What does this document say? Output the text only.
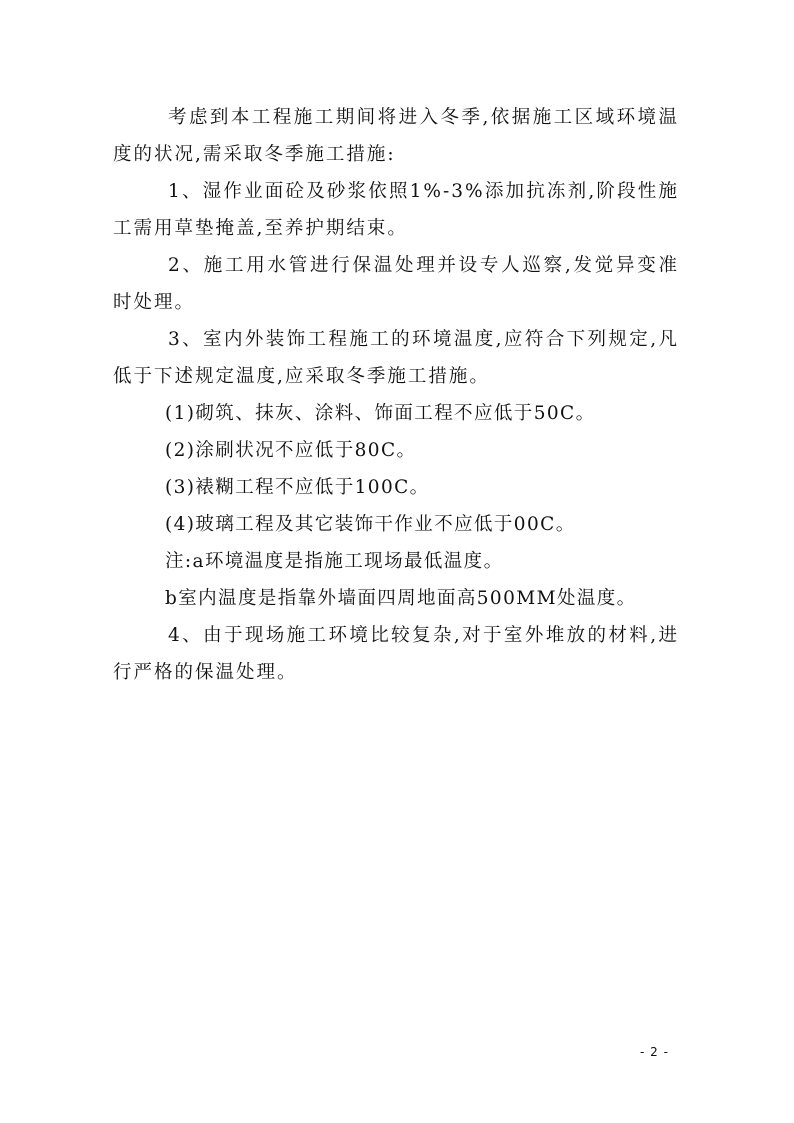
考虑到本工程施工期间将进入冬季,依据施工区域环境温度的状况,需采取冬季施工措施:

1、湿作业面砼及砂浆依照1%-3%添加抗冻剂,阶段性施工需用草垫掩盖,至养护期结束。

2、施工用水管进行保温处理并设专人巡察,发觉异变准时处理。

3、室内外装饰工程施工的环境温度,应符合下列规定,凡低于下述规定温度,应采取冬季施工措施。

(1)砌筑、抹灰、涂料、饰面工程不应低于50C。

(2)涂刷状况不应低于80C。

(3)裱糊工程不应低于100C。

(4)玻璃工程及其它装饰干作业不应低于00C。

注:a环境温度是指施工现场最低温度。

b室内温度是指靠外墙面四周地面高500MM处温度。

4、由于现场施工环境比较复杂,对于室外堆放的材料,进行严格的保温处理。

- 2 -
